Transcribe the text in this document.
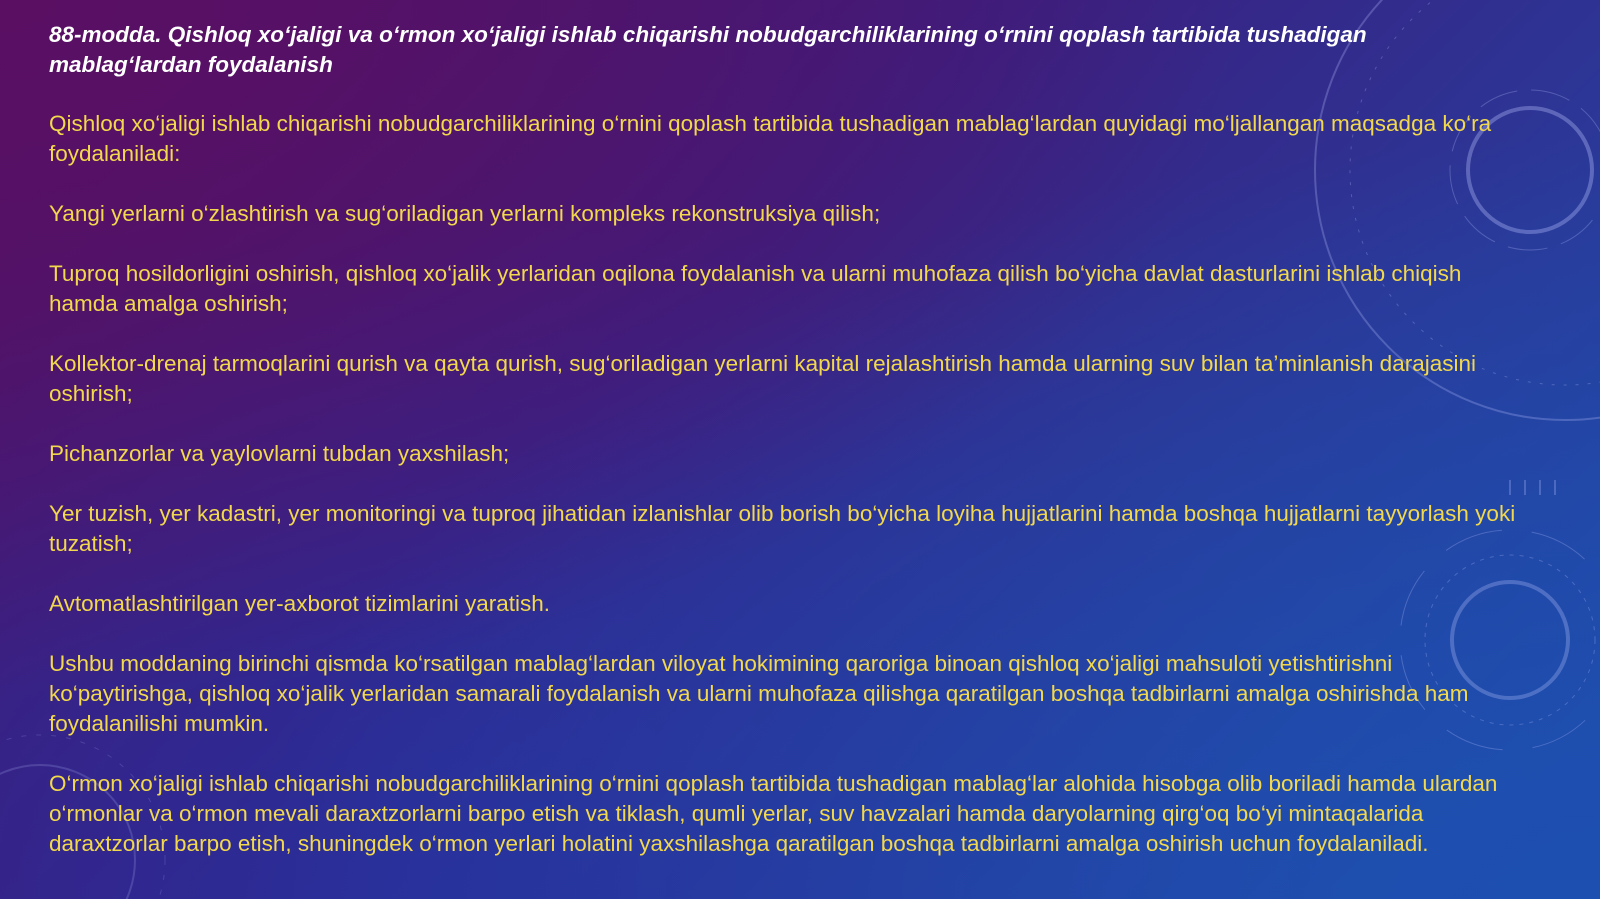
88-modda. Qishloq xo‘jaligi va o‘rmon xo‘jaligi ishlab chiqarishi nobudgarchiliklarining o‘rnini qoplash tartibida tushadigan mablag‘lardan foydalanish

Qishloq xo‘jaligi ishlab chiqarishi nobudgarchiliklarining o‘rnini qoplash tartibida tushadigan mablag‘lardan quyidagi mo‘ljallangan maqsadga ko‘ra foydalaniladi:

Yangi yerlarni o‘zlashtirish va sug‘oriladigan yerlarni kompleks rekonstruksiya qilish;

Tuproq hosildorligini oshirish, qishloq xo‘jalik yerlaridan oqilona foydalanish va ularni muhofaza qilish bo‘yicha davlat dasturlarini ishlab chiqish hamda amalga oshirish;

Kollektor-drenaj tarmoqlarini qurish va qayta qurish, sug‘oriladigan yerlarni kapital rejalashtirish hamda ularning suv bilan ta’minlanish darajasini oshirish;

Pichanzorlar va yaylovlarni tubdan yaxshilash;

Yer tuzish, yer kadastri, yer monitoringi va tuproq jihatidan izlanishlar olib borish bo‘yicha loyiha hujjatlarini hamda boshqa hujjatlarni tayyorlash yoki tuzatish;

Avtomatlashtirilgan yer-axborot tizimlarini yaratish.

Ushbu moddaning birinchi qismda ko‘rsatilgan mablag‘lardan viloyat hokimining qaroriga binoan qishloq xo‘jaligi mahsuloti yetishtirishni ko‘paytirishga, qishloq xo‘jalik yerlaridan samarali foydalanish va ularni muhofaza qilishga qaratilgan boshqa tadbirlarni amalga oshirishda ham foydalanilishi mumkin.

O‘rmon xo‘jaligi ishlab chiqarishi nobudgarchiliklarining o‘rnini qoplash tartibida tushadigan mablag‘lar alohida hisobga olib boriladi hamda ulardan o‘rmonlar va o‘rmon mevali daraxtzorlarni barpo etish va tiklash, qumli yerlar, suv havzalari hamda daryolarning qirg‘oq bo‘yi mintaqalarida daraxtzorlar barpo etish, shuningdek o‘rmon yerlari holatini yaxshilashga qaratilgan boshqa tadbirlarni amalga oshirish uchun foydalaniladi.
